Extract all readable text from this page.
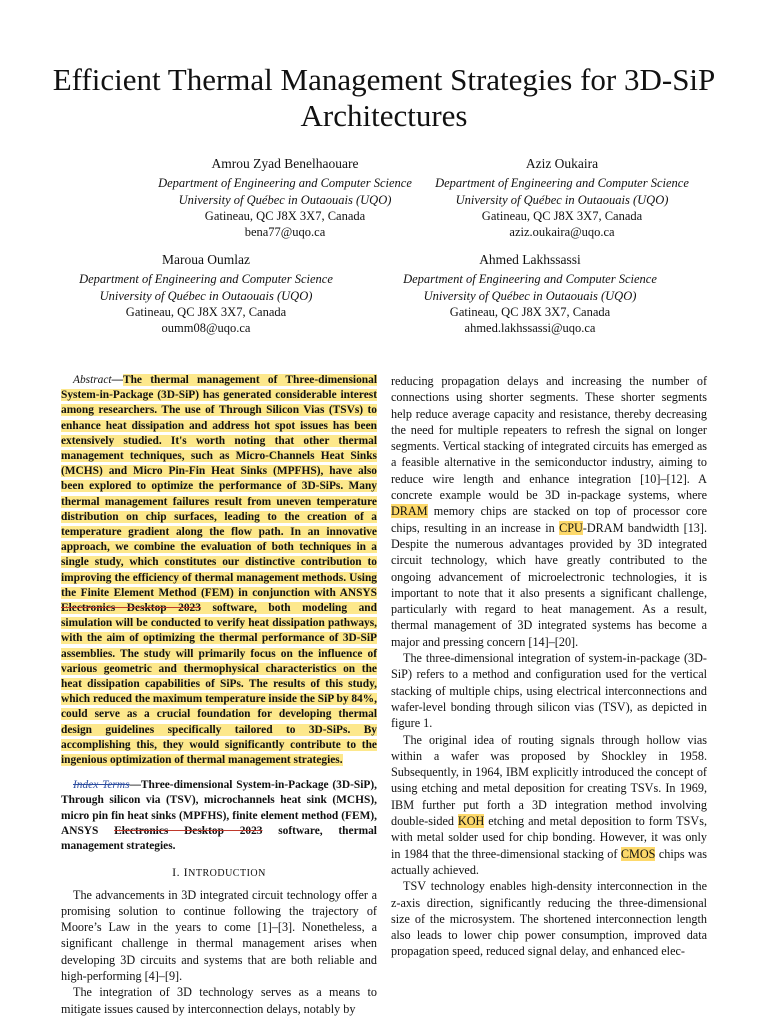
Efficient Thermal Management Strategies for 3D-SiP Architectures
Amrou Zyad Benelhaouare
Department of Engineering and Computer Science
University of Québec in Outaouais (UQO)
Gatineau, QC J8X 3X7, Canada
bena77@uqo.ca
Aziz Oukaira
Department of Engineering and Computer Science
University of Québec in Outaouais (UQO)
Gatineau, QC J8X 3X7, Canada
aziz.oukaira@uqo.ca
Maroua Oumlaz
Department of Engineering and Computer Science
University of Québec in Outaouais (UQO)
Gatineau, QC J8X 3X7, Canada
oumm08@uqo.ca
Ahmed Lakhssassi
Department of Engineering and Computer Science
University of Québec in Outaouais (UQO)
Gatineau, QC J8X 3X7, Canada
ahmed.lakhssassi@uqo.ca
Abstract—The thermal management of Three-dimensional System-in-Package (3D-SiP) has generated considerable interest among researchers. The use of Through Silicon Vias (TSVs) to enhance heat dissipation and address hot spot issues has been extensively studied. It's worth noting that other thermal management techniques, such as Micro-Channels Heat Sinks (MCHS) and Micro Pin-Fin Heat Sinks (MPFHS), have also been explored to optimize the performance of 3D-SiPs. Many thermal management failures result from uneven temperature distribution on chip surfaces, leading to the creation of a temperature gradient along the flow path. In an innovative approach, we combine the evaluation of both techniques in a single study, which constitutes our distinctive contribution to improving the efficiency of thermal management methods. Using the Finite Element Method (FEM) in conjunction with ANSYS Electronics Desktop 2023 software, both modeling and simulation will be conducted to verify heat dissipation pathways, with the aim of optimizing the thermal performance of 3D-SiP assemblies. The study will primarily focus on the influence of various geometric and thermophysical characteristics on the heat dissipation capabilities of SiPs. The results of this study, which reduced the maximum temperature inside the SiP by 84%, could serve as a crucial foundation for developing thermal design guidelines specifically tailored to 3D-SiPs. By accomplishing this, they would significantly contribute to the ingenious optimization of thermal management strategies.
Index Terms—Three-dimensional System-in-Package (3D-SiP), Through silicon via (TSV), microchannels heat sink (MCHS), micro pin fin heat sinks (MPFHS), finite element method (FEM), ANSYS Electronics Desktop 2023 software, thermal management strategies.
I. INTRODUCTION

The advancements in 3D integrated circuit technology offer a promising solution to continue following the trajectory of Moore’s Law in the years to come [1]–[3]. Nonetheless, a significant challenge in thermal management arises when developing 3D circuits and systems that are both reliable and high-performing [4]–[9].

The integration of 3D technology serves as a means to mitigate issues caused by interconnection delays, notably by

reducing propagation delays and increasing the number of connections using shorter segments. These shorter segments help reduce average capacity and resistance, thereby decreasing the need for multiple repeaters to refresh the signal on longer segments. Vertical stacking of integrated circuits has emerged as a feasible alternative in the semiconductor industry, aiming to reduce wire length and enhance integration [10]–[12]. A concrete example would be 3D in-package systems, where DRAM memory chips are stacked on top of processor core chips, resulting in an increase in CPU-DRAM bandwidth [13]. Despite the numerous advantages provided by 3D integrated circuit technology, which have greatly contributed to the ongoing advancement of microelectronic technologies, it is important to note that it also presents a significant challenge, particularly with regard to heat management. As a result, thermal management of 3D integrated systems has become a major and pressing concern [14]–[20].

The three-dimensional integration of system-in-package (3D-SiP) refers to a method and configuration used for the vertical stacking of multiple chips, using electrical interconnections and wafer-level bonding through silicon vias (TSV), as depicted in figure 1.

The original idea of routing signals through hollow vias within a wafer was proposed by Shockley in 1958. Subsequently, in 1964, IBM explicitly introduced the concept of using etching and metal deposition for creating TSVs. In 1969, IBM further put forth a 3D integration method involving double-sided KOH etching and metal deposition to form TSVs, with metal solder used for chip bonding. However, it was only in 1984 that the three-dimensional stacking of CMOS chips was actually achieved.

TSV technology enables high-density interconnection in the z-axis direction, significantly reducing the three-dimensional size of the microsystem. The shortened interconnection length also leads to lower chip power consumption, improved data propagation speed, reduced signal delay, and enhanced elec-
